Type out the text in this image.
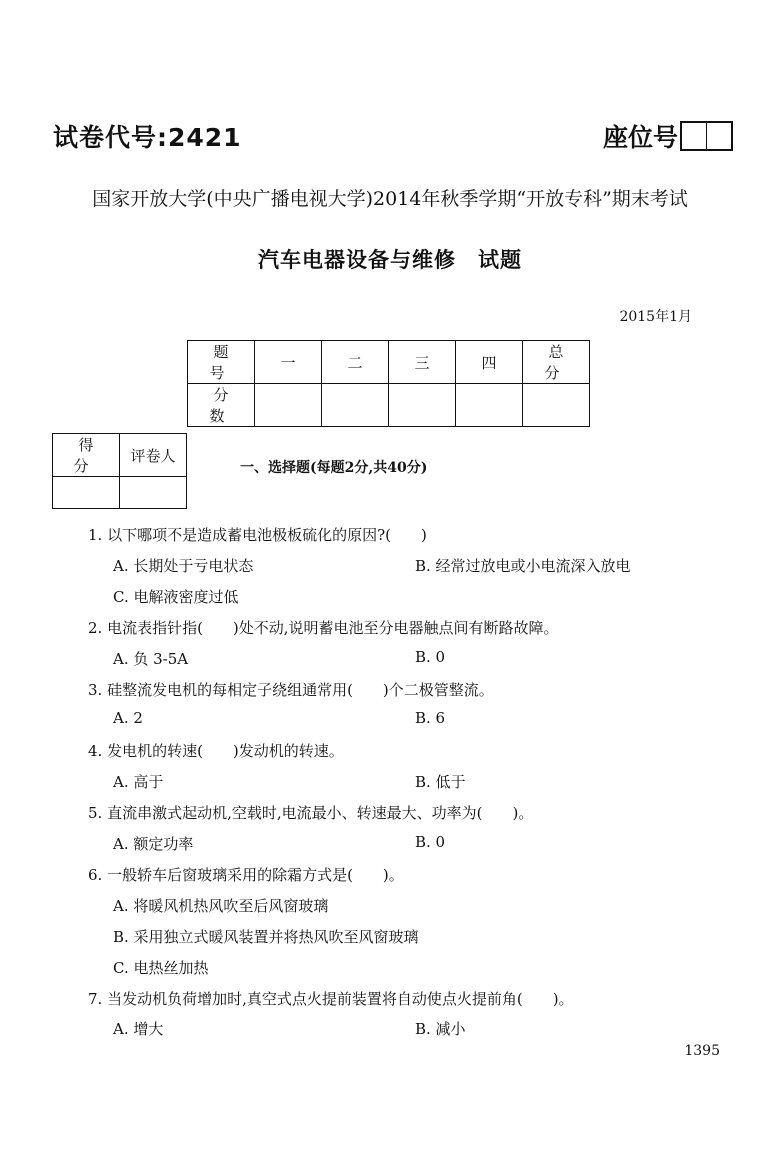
试卷代号:2421	座位号
国家开放大学(中央广播电视大学)2014年秋季学期“开放专科”期末考试
汽车电器设备与维修　试题
2015年1月
题　号	一	二	三	四	总　分
分　数					
得　分	评卷人

一、选择题(每题2分,共40分)
1. 以下哪项不是造成蓄电池极板硫化的原因?(　　)
A. 长期处于亏电状态	B. 经常过放电或小电流深入放电
C. 电解液密度过低
2. 电流表指针指(　　)处不动,说明蓄电池至分电器触点间有断路故障。
A. 负 3-5A	B. 0
3. 硅整流发电机的每相定子绕组通常用(　　)个二极管整流。
A. 2	B. 6
4. 发电机的转速(　　)发动机的转速。
A. 高于	B. 低于
5. 直流串激式起动机,空载时,电流最小、转速最大、功率为(　　)。
A. 额定功率	B. 0
6. 一般轿车后窗玻璃采用的除霜方式是(　　)。
A. 将暖风机热风吹至后风窗玻璃
B. 采用独立式暖风装置并将热风吹至风窗玻璃
C. 电热丝加热
7. 当发动机负荷增加时,真空式点火提前装置将自动使点火提前角(　　)。
A. 增大	B. 减小
1395
